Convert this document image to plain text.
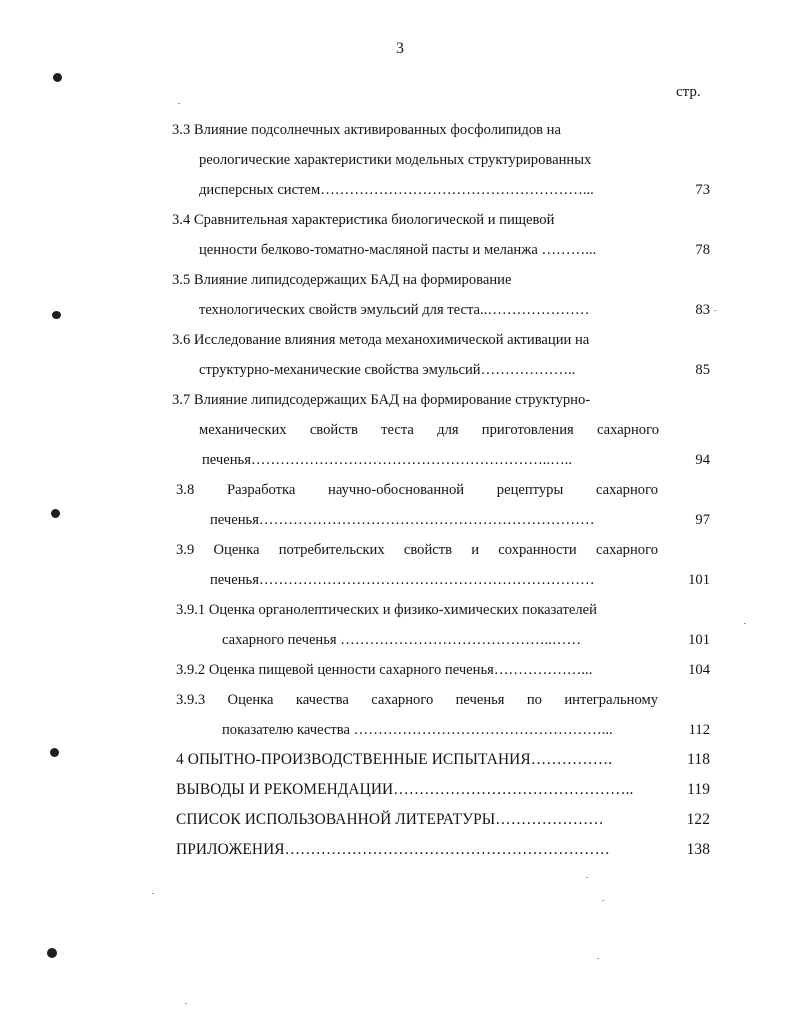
3
стр.
3.3 Влияние подсолнечных активированных фосфолипидов на
реологические характеристики модельных структурированных
дисперсных систем………………………………………………...	73
3.4 Сравнительная характеристика биологической и пищевой
ценности белково-томатно-масляной пасты и меланжа ………...	78
3.5 Влияние липидсодержащих БАД на формирование
технологических свойств эмульсий для теста..…………………	83
3.6 Исследование влияния метода механохимической активации на
структурно-механические свойства эмульсий………………..	85
3.7 Влияние липидсодержащих БАД на формирование структурно-
механических свойств теста для приготовления сахарного
печенья……………………………………………………..…..	94
3.8 Разработка научно-обоснованной рецептуры сахарного
печенья……………………………………………………………	97
3.9 Оценка потребительских свойств и сохранности сахарного
печенья……………………………………………………………	101
3.9.1 Оценка органолептических и физико-химических показателей
сахарного печенья ……………………………………..……	101
3.9.2 Оценка пищевой ценности сахарного печенья………………...	104
3.9.3 Оценка качества сахарного печенья по интегральному
показателю качества ……………………………………………...	112
4 ОПЫТНО-ПРОИЗВОДСТВЕННЫЕ ИСПЫТАНИЯ…………….	118
ВЫВОДЫ И РЕКОМЕНДАЦИИ………………………………………..	119
СПИСОК ИСПОЛЬЗОВАННОЙ ЛИТЕРАТУРЫ…………………	122
ПРИЛОЖЕНИЯ………………………………………………………	138
